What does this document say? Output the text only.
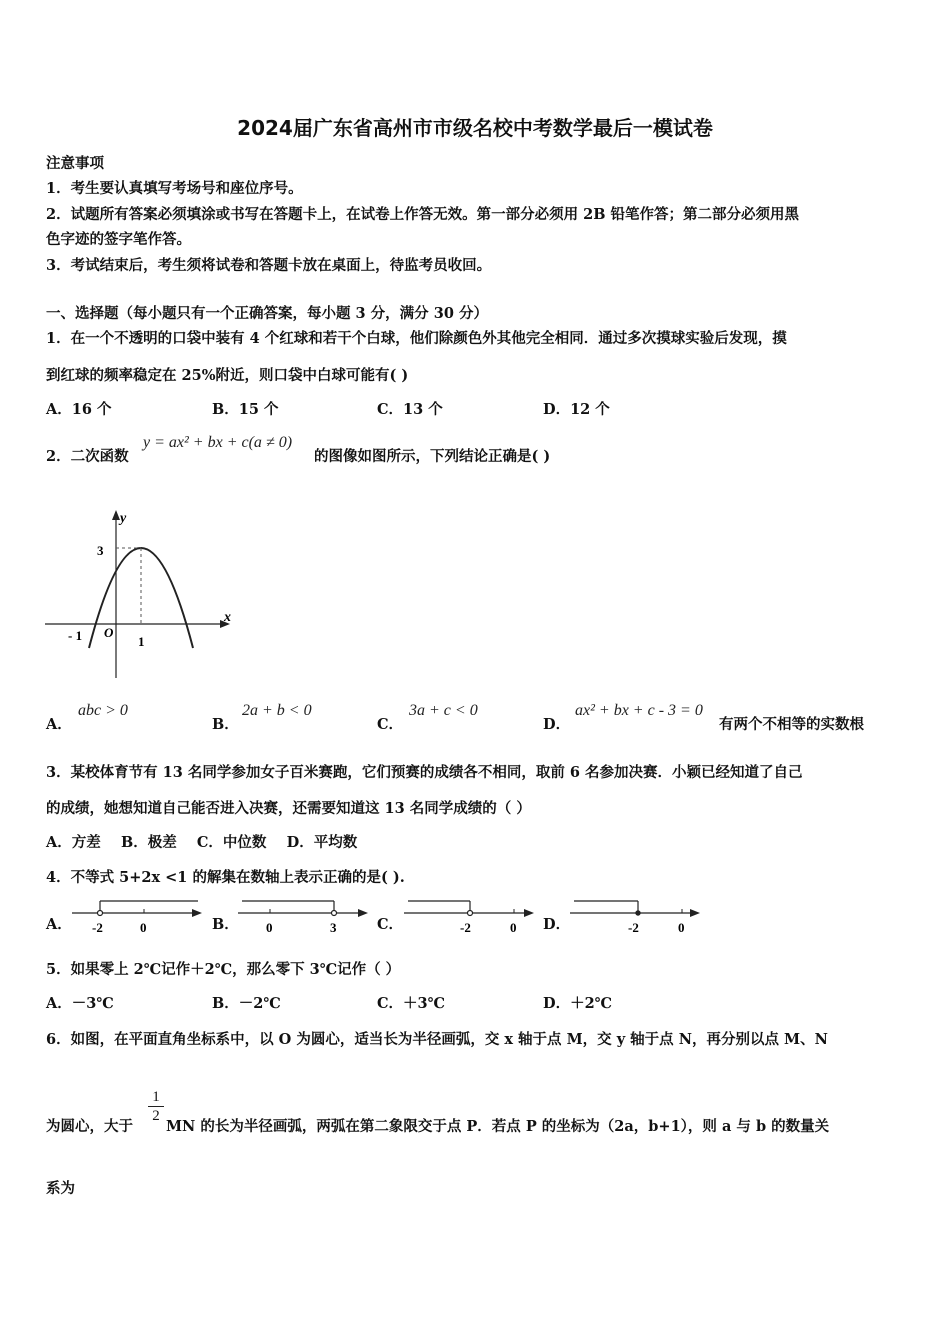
2024届广东省高州市市级名校中考数学最后一模试卷
注意事项
1．考生要认真填写考场号和座位序号。
2．试题所有答案必须填涂或书写在答题卡上，在试卷上作答无效。第一部分必须用 2B 铅笔作答；第二部分必须用黑
色字迹的签字笔作答。
3．考试结束后，考生须将试卷和答题卡放在桌面上，待监考员收回。
一、选择题（每小题只有一个正确答案，每小题 3 分，满分 30 分）
1．在一个不透明的口袋中装有 4 个红球和若干个白球，他们除颜色外其他完全相同．通过多次摸球实验后发现，摸
到红球的频率稳定在 25%附近，则口袋中白球可能有( )
A．16 个	B．15 个	C．13 个	D．12 个
2．二次函数
y = ax² + bx + c(a ≠ 0)
的图像如图所示，下列结论正确是( )
y
x
3
- 1 O
1
A．
abc > 0
B．
2a + b < 0
C．
3a + c < 0
D．
ax² + bx + c - 3 = 0
有两个不相等的实数根
3．某校体育节有 13 名同学参加女子百米赛跑，它们预赛的成绩各不相同，取前 6 名参加决赛．小颖已经知道了自己
的成绩，她想知道自己能否进入决赛，还需要知道这 13 名同学成绩的（ ）
A．方差    B．极差    C．中位数    D．平均数
4．不等式 5+2x <1 的解集在数轴上表示正确的是( ).
A． -2	0	B． 0	3	C．	-2	0 D．	-2	0
5．如果零上 2℃记作＋2℃，那么零下 3℃记作（ ）
A．－3℃	B．－2℃	C．＋3℃	D．＋2℃
6．如图，在平面直角坐标系中，以 O 为圆心，适当长为半径画弧，交 x 轴于点 M，交 y 轴于点 N，再分别以点 M、N
为圆心，大于
$\frac{1}{2}$
MN 的长为半径画弧，两弧在第二象限交于点 P．若点 P 的坐标为（2a，b+1），则 a 与 b 的数量关
系为
